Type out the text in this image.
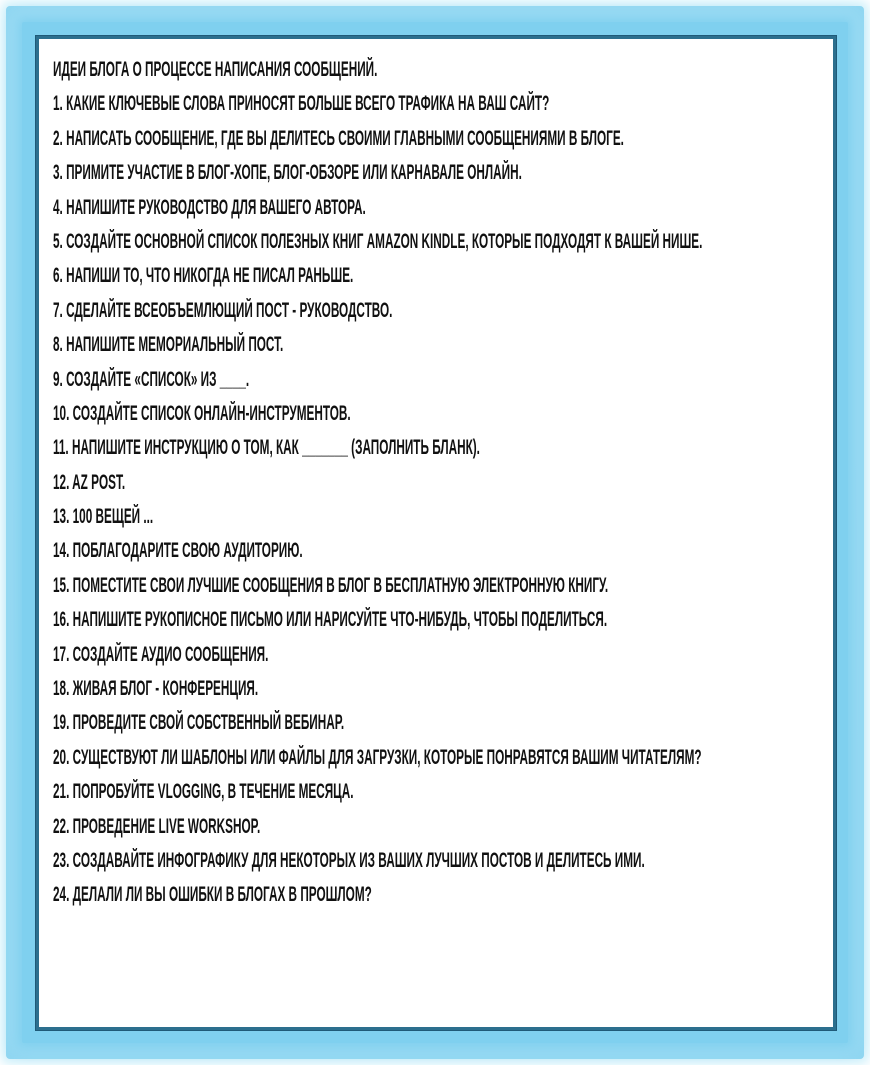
ИДЕИ БЛОГА О ПРОЦЕССЕ НАПИСАНИЯ СООБЩЕНИЙ.
1. КАКИЕ КЛЮЧЕВЫЕ СЛОВА ПРИНОСЯТ БОЛЬШЕ ВСЕГО ТРАФИКА НА ВАШ САЙТ?
2. НАПИСАТЬ СООБЩЕНИЕ, ГДЕ ВЫ ДЕЛИТЕСЬ СВОИМИ ГЛАВНЫМИ СООБЩЕНИЯМИ В БЛОГЕ.
3. ПРИМИТЕ УЧАСТИЕ В БЛОГ-ХОПЕ, БЛОГ-ОБЗОРЕ ИЛИ КАРНАВАЛЕ ОНЛАЙН.
4. НАПИШИТЕ РУКОВОДСТВО ДЛЯ ВАШЕГО АВТОРА.
5. СОЗДАЙТЕ ОСНОВНОЙ СПИСОК ПОЛЕЗНЫХ КНИГ AMAZON KINDLE, КОТОРЫЕ ПОДХОДЯТ К ВАШЕЙ НИШЕ.
6. НАПИШИ ТО, ЧТО НИКОГДА НЕ ПИСАЛ РАНЬШЕ.
7. СДЕЛАЙТЕ ВСЕОБЪЕМЛЮЩИЙ ПОСТ - РУКОВОДСТВО.
8. НАПИШИТЕ МЕМОРИАЛЬНЫЙ ПОСТ.
9. СОЗДАЙТЕ «СПИСОК» ИЗ ____.
10. СОЗДАЙТЕ СПИСОК ОНЛАЙН-ИНСТРУМЕНТОВ.
11. НАПИШИТЕ ИНСТРУКЦИЮ О ТОМ, КАК _______ (ЗАПОЛНИТЬ БЛАНК).
12. AZ POST.
13. 100 ВЕЩЕЙ ...
14. ПОБЛАГОДАРИТЕ СВОЮ АУДИТОРИЮ.
15. ПОМЕСТИТЕ СВОИ ЛУЧШИЕ СООБЩЕНИЯ В БЛОГ В БЕСПЛАТНУЮ ЭЛЕКТРОННУЮ КНИГУ.
16. НАПИШИТЕ РУКОПИСНОЕ ПИСЬМО ИЛИ НАРИСУЙТЕ ЧТО-НИБУДЬ, ЧТОБЫ ПОДЕЛИТЬСЯ.
17. СОЗДАЙТЕ АУДИО СООБЩЕНИЯ.
18. ЖИВАЯ БЛОГ - КОНФЕРЕНЦИЯ.
19. ПРОВЕДИТЕ СВОЙ СОБСТВЕННЫЙ ВЕБИНАР.
20. СУЩЕСТВУЮТ ЛИ ШАБЛОНЫ ИЛИ ФАЙЛЫ ДЛЯ ЗАГРУЗКИ, КОТОРЫЕ ПОНРАВЯТСЯ ВАШИМ ЧИТАТЕЛЯМ?
21. ПОПРОБУЙТЕ VLOGGING, В ТЕЧЕНИЕ МЕСЯЦА.
22. ПРОВЕДЕНИЕ LIVE WORKSHOP.
23. СОЗДАВАЙТЕ ИНФОГРАФИКУ ДЛЯ НЕКОТОРЫХ ИЗ ВАШИХ ЛУЧШИХ ПОСТОВ И ДЕЛИТЕСЬ ИМИ.
24. ДЕЛАЛИ ЛИ ВЫ ОШИБКИ В БЛОГАХ В ПРОШЛОМ?
